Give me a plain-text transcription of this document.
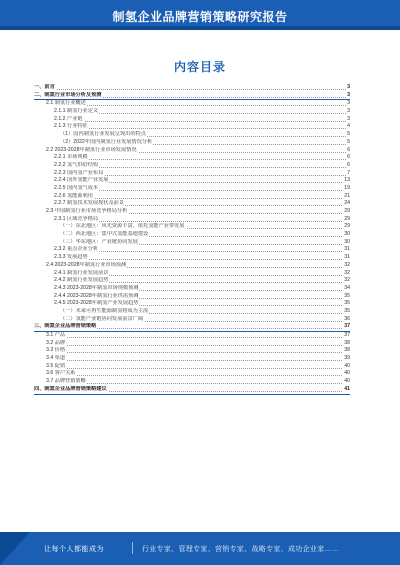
制氢企业品牌营销策略研究报告
内容目录
一、前言	3
二、制氢行业市场分析及预测	3
2.1 制氢行业概述	3
2.1.1 制氢行业定义	3
2.1.2 产业链	3
2.1.3 行业特征	4
（1）国内制氢行业发展呈现出的特点	5
（2）2022年国内制氢行业发展情况分析	5
2.2 2023-2028年制氢行业市场发展情况	6
2.2.1 市场规模	6
2.2.2 氢气供给结构	6
2.2.3 国内氢产业布局	7
2.2.4 国外氢能产业发展	13
2.2.5 国内氢气成本	19
2.2.6 氢能源利用	21
2.2.7 制氢技术发展现状及前景	24
2.3 中国制氢行业市场竞争格局分析	29
2.3.1 区域竞争格局	29
（一）东北地区：风光资源丰富，依托氢能产业带发展	29
（二）西北地区：集中式氢能基地建设	30
（三）华东地区：产业链协同发展	30
2.3.2 重点企业分析	31
2.3.3 发展趋势	31
2.4 2023-2028年制氢行业市场预测	32
2.4.1 制氢行业发展前景	32
2.4.2 制氢行业发展趋势	32
2.4.3 2023-2028年制氢市场规模预测	34
2.4.4 2023-2028年制氢行业供需预测	35
2.4.5 2023-2028年制氢产业发展趋势	35
（一）未来可再生能源制氢将成为主流	35
（二）氢能产业链协同发展前景广阔	36
三、制氢企业品牌营销策略	37
3.1 产品	37
3.2 品牌	38
3.3 价格	38
3.4 渠道	39
3.5 促销	40
3.6 客户关系	40
3.7 品牌营销策略	40
四、制氢企业品牌营销策略建议	41
让每个人都能成为	行业专家、管理专家、营销专家、战略专家、成功企业家……
